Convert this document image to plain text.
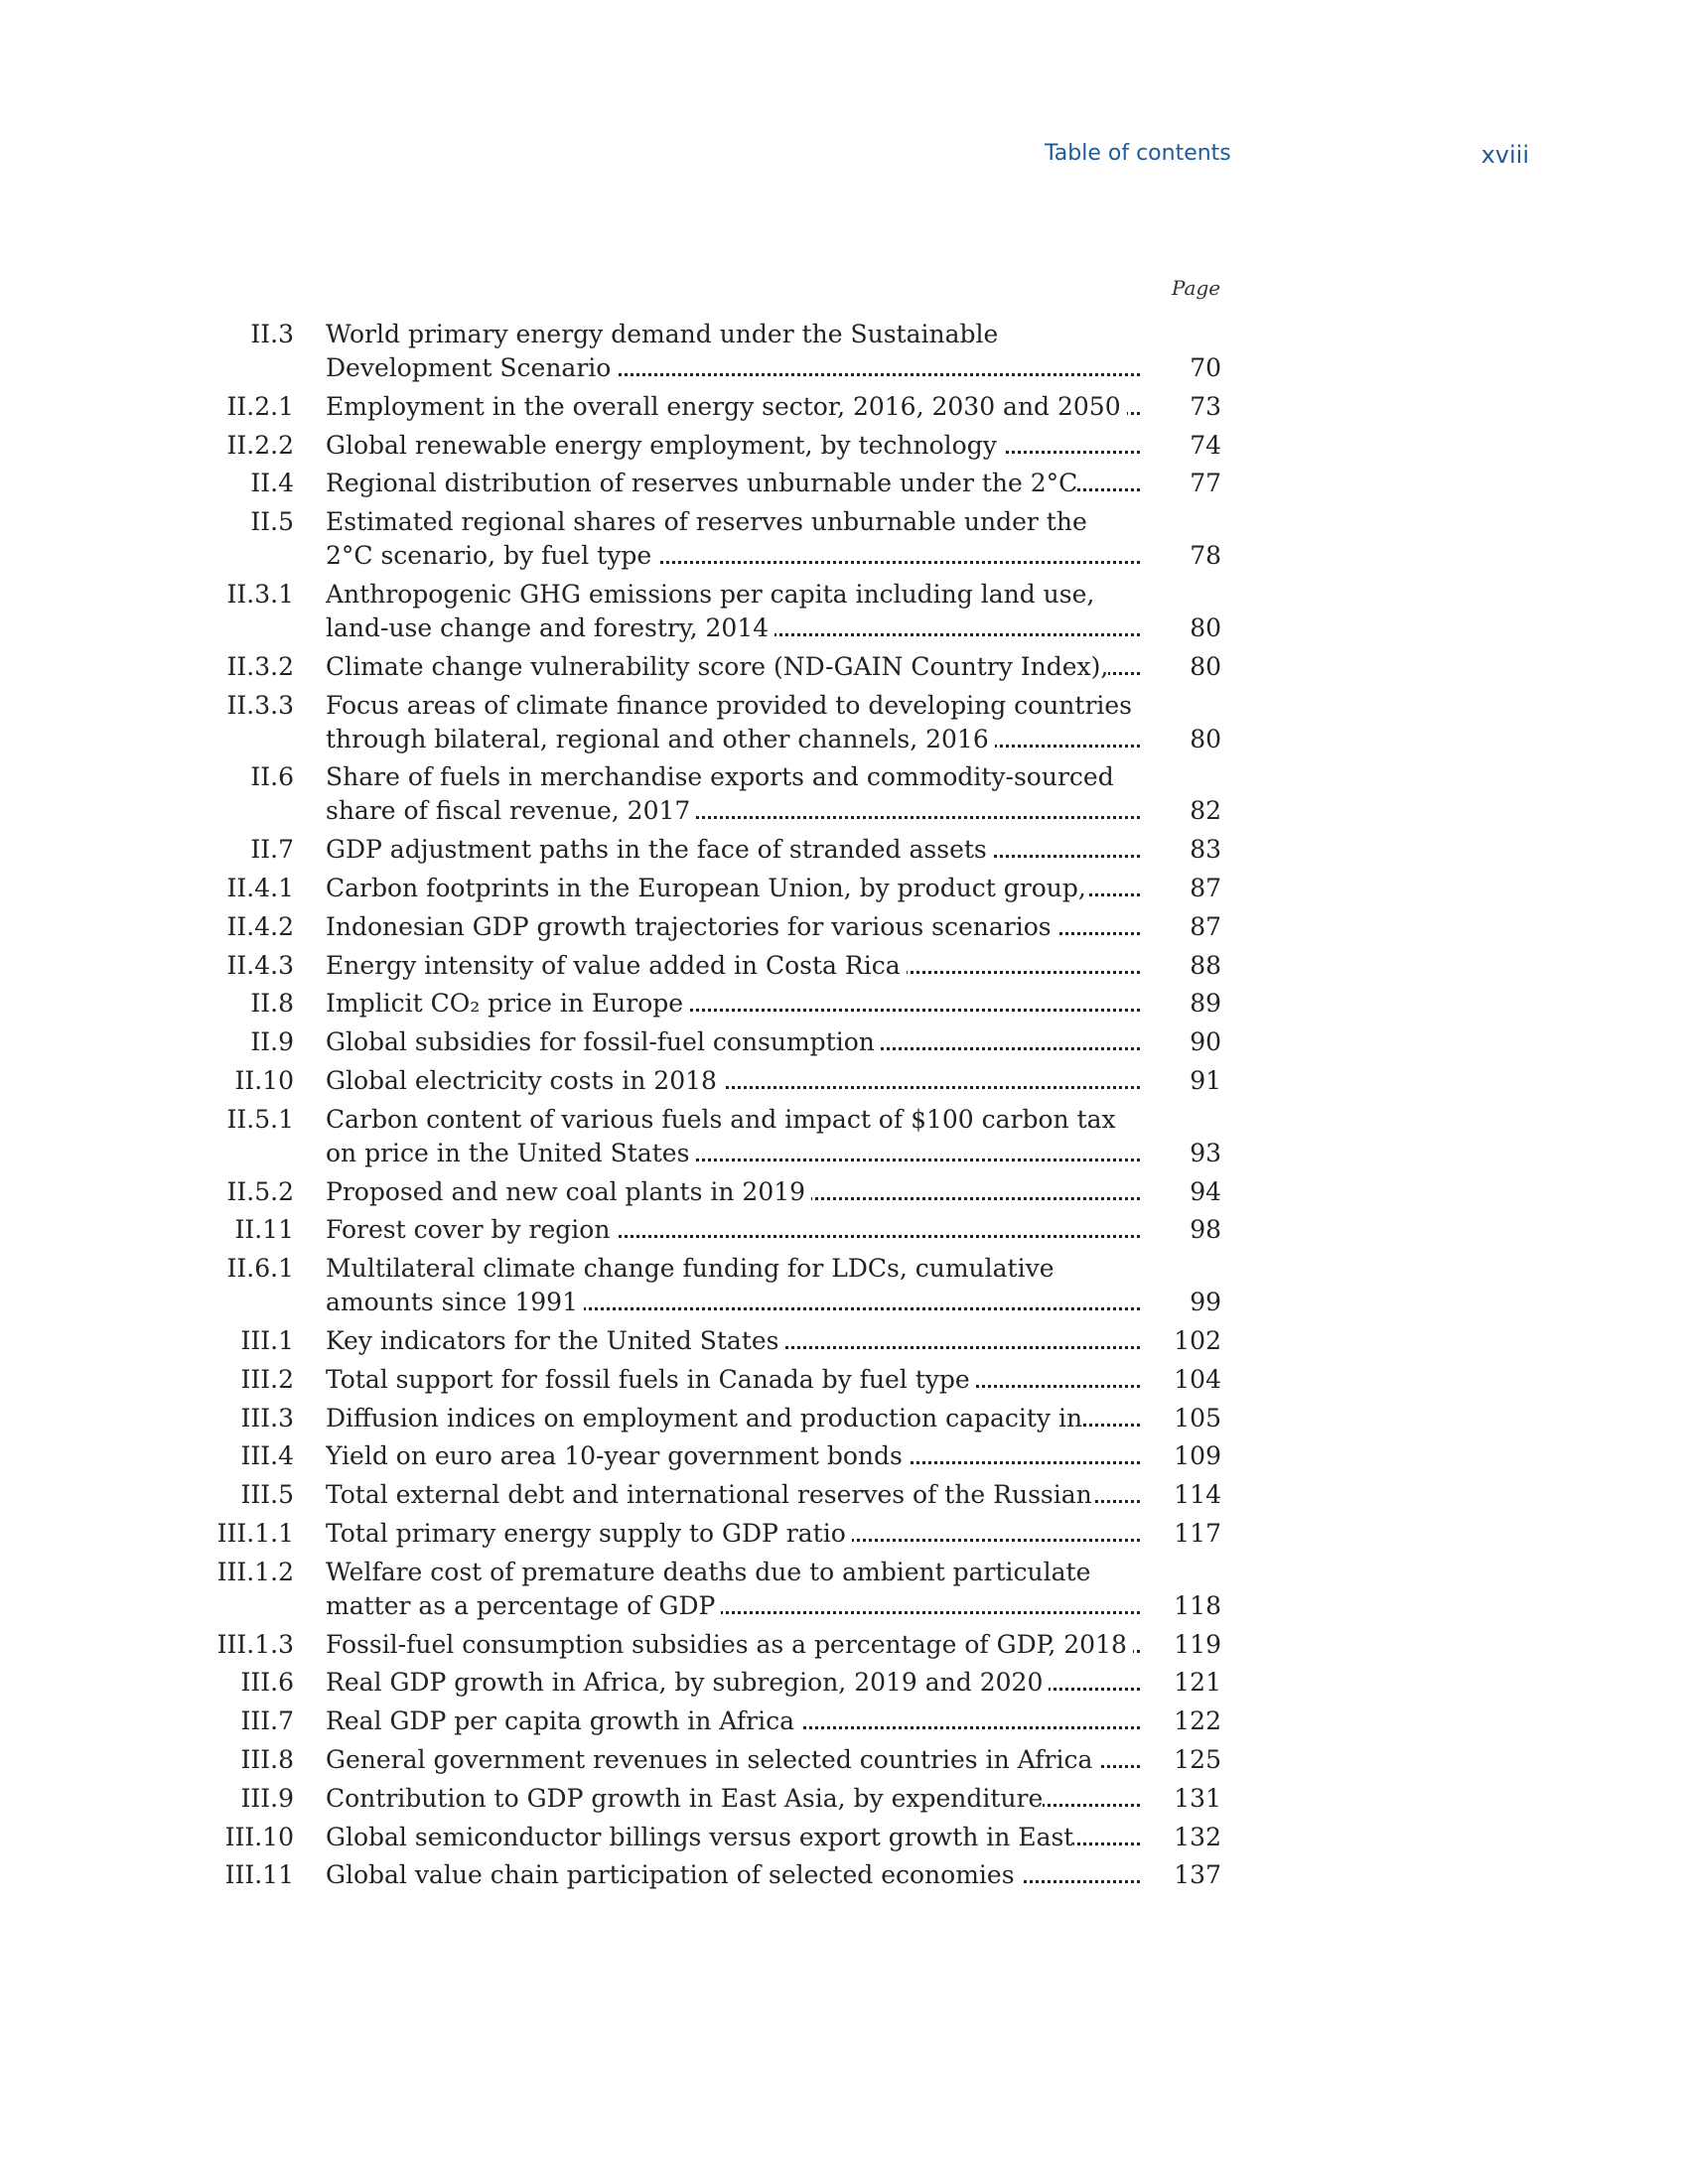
Table of contents	xviii
Page
II.3 World primary energy demand under the Sustainable Development Scenario	70
II.2.1 Employment in the overall energy sector, 2016, 2030 and 2050	73
II.2.2 Global renewable energy employment, by technology	74
II.4 Regional distribution of reserves unburnable under the 2°C	77
II.5 Estimated regional shares of reserves unburnable under the 2°C scenario, by fuel type	78
II.3.1 Anthropogenic GHG emissions per capita including land use, land-use change and forestry, 2014	80
II.3.2 Climate change vulnerability score (ND-GAIN Country Index),	80
II.3.3 Focus areas of climate finance provided to developing countries through bilateral, regional and other channels, 2016	80
II.6 Share of fuels in merchandise exports and commodity-sourced share of fiscal revenue, 2017	82
II.7 GDP adjustment paths in the face of stranded assets	83
II.4.1 Carbon footprints in the European Union, by product group,	87
II.4.2 Indonesian GDP growth trajectories for various scenarios	87
II.4.3 Energy intensity of value added in Costa Rica	88
II.8 Implicit CO₂ price in Europe	89
II.9 Global subsidies for fossil-fuel consumption	90
II.10 Global electricity costs in 2018	91
II.5.1 Carbon content of various fuels and impact of $100 carbon tax on price in the United States	93
II.5.2 Proposed and new coal plants in 2019	94
II.11 Forest cover by region	98
II.6.1 Multilateral climate change funding for LDCs, cumulative amounts since 1991	99
III.1 Key indicators for the United States	102
III.2 Total support for fossil fuels in Canada by fuel type	104
III.3 Diffusion indices on employment and production capacity in	105
III.4 Yield on euro area 10-year government bonds	109
III.5 Total external debt and international reserves of the Russian	114
III.1.1 Total primary energy supply to GDP ratio	117
III.1.2 Welfare cost of premature deaths due to ambient particulate matter as a percentage of GDP	118
III.1.3 Fossil-fuel consumption subsidies as a percentage of GDP, 2018	119
III.6 Real GDP growth in Africa, by subregion, 2019 and 2020	121
III.7 Real GDP per capita growth in Africa	122
III.8 General government revenues in selected countries in Africa	125
III.9 Contribution to GDP growth in East Asia, by expenditure	131
III.10 Global semiconductor billings versus export growth in East	132
III.11 Global value chain participation of selected economies	137
